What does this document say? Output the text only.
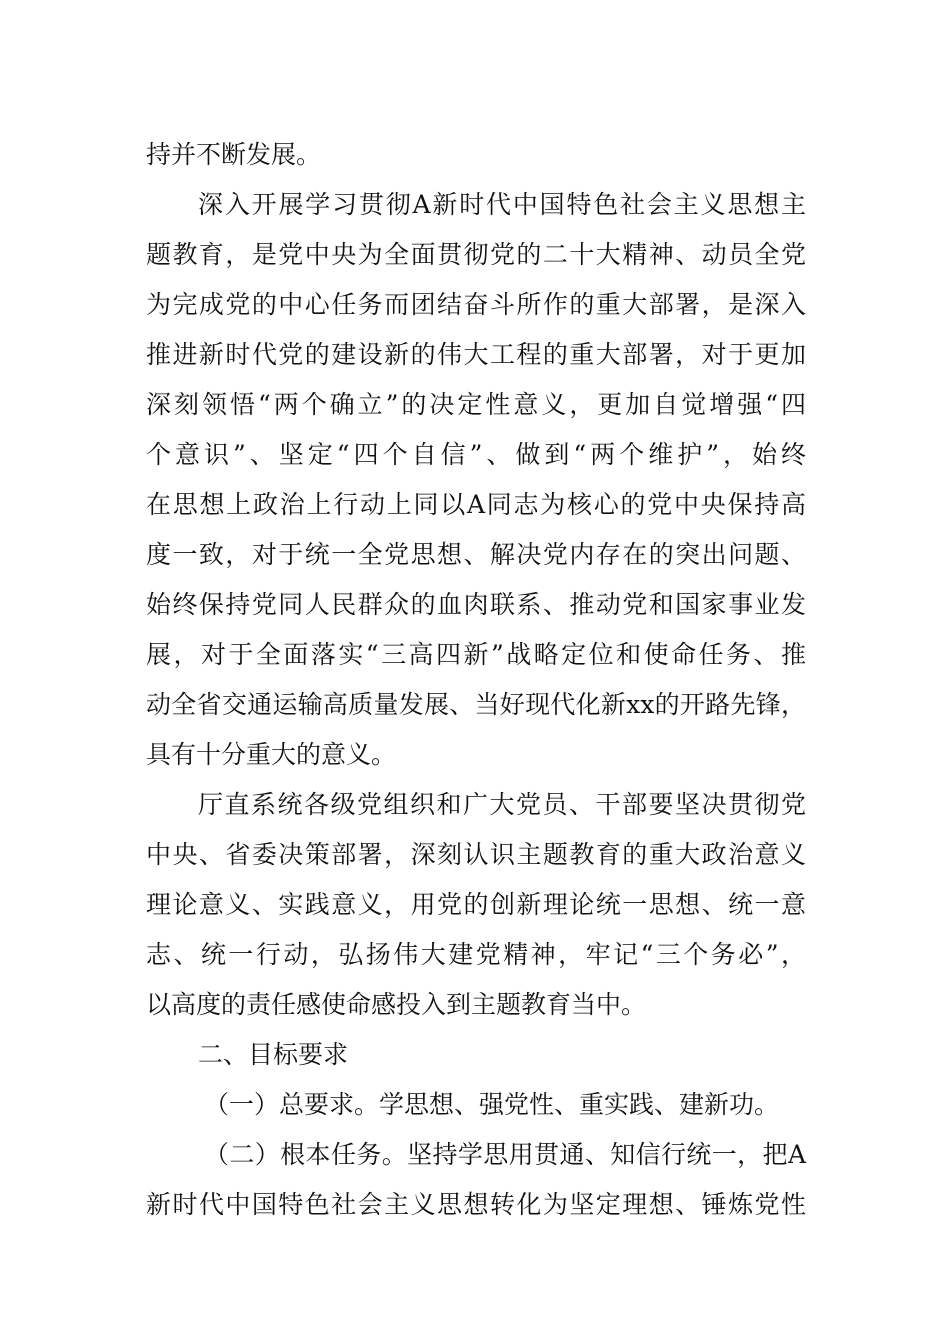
持并不断发展。
深入开展学习贯彻A新时代中国特色社会主义思想主
题教育，是党中央为全面贯彻党的二十大精神、动员全党
为完成党的中心任务而团结奋斗所作的重大部署，是深入
推进新时代党的建设新的伟大工程的重大部署，对于更加
深刻领悟“两个确立”的决定性意义，更加自觉增强“四
个意识”、坚定“四个自信”、做到“两个维护”，始终
在思想上政治上行动上同以A同志为核心的党中央保持高
度一致，对于统一全党思想、解决党内存在的突出问题、
始终保持党同人民群众的血肉联系、推动党和国家事业发
展，对于全面落实“三高四新”战略定位和使命任务、推
动全省交通运输高质量发展、当好现代化新xx的开路先锋，
具有十分重大的意义。
厅直系统各级党组织和广大党员、干部要坚决贯彻党
中央、省委决策部署，深刻认识主题教育的重大政治意义
理论意义、实践意义，用党的创新理论统一思想、统一意
志、统一行动，弘扬伟大建党精神，牢记“三个务必”，
以高度的责任感使命感投入到主题教育当中。
二、目标要求
（一）总要求。学思想、强党性、重实践、建新功。
（二）根本任务。坚持学思用贯通、知信行统一，把A
新时代中国特色社会主义思想转化为坚定理想、锤炼党性
